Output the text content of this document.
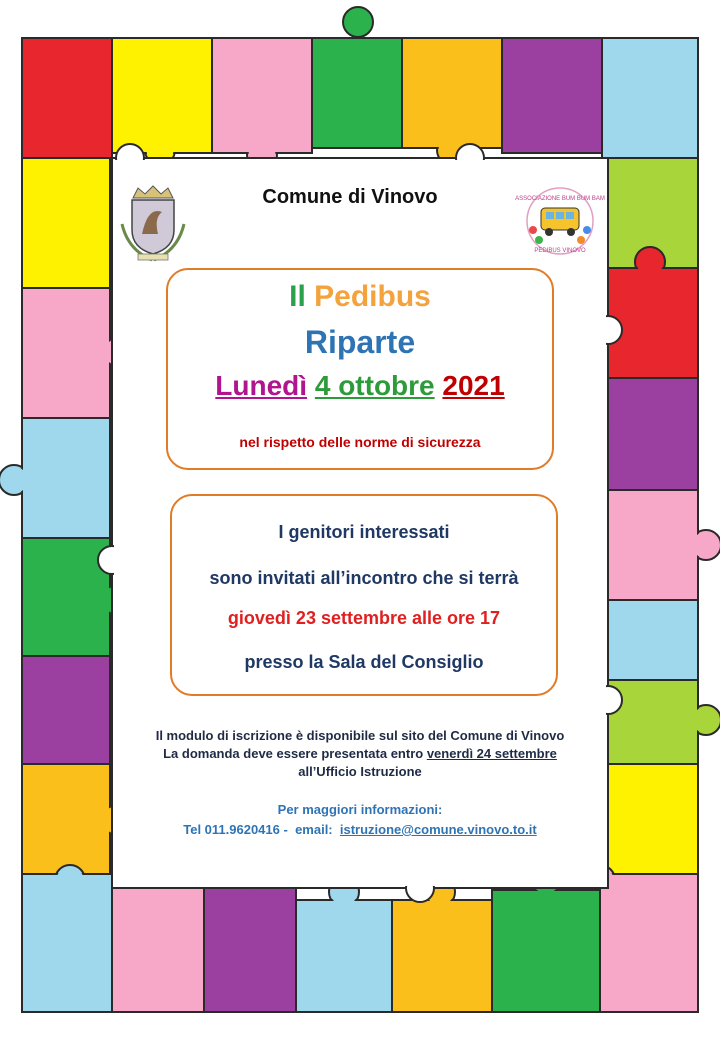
Comune di Vinovo	ASSOCIAZIONE BUM BUM BAM
PEDIBUS VINOVO
Il Pedibus
Riparte
Lunedì 4 ottobre 2021
nel rispetto delle norme di sicurezza
I genitori interessati
sono invitati all’incontro che si terrà
giovedì 23 settembre alle ore 17
presso la Sala del Consiglio
Il modulo di iscrizione è disponibile sul sito del Comune di Vinovo
La domanda deve essere presentata entro venerdì 24 settembre
all’Ufficio Istruzione
Per maggiori informazioni:
Tel 011.9620416 - email: istruzione@comune.vinovo.to.it
